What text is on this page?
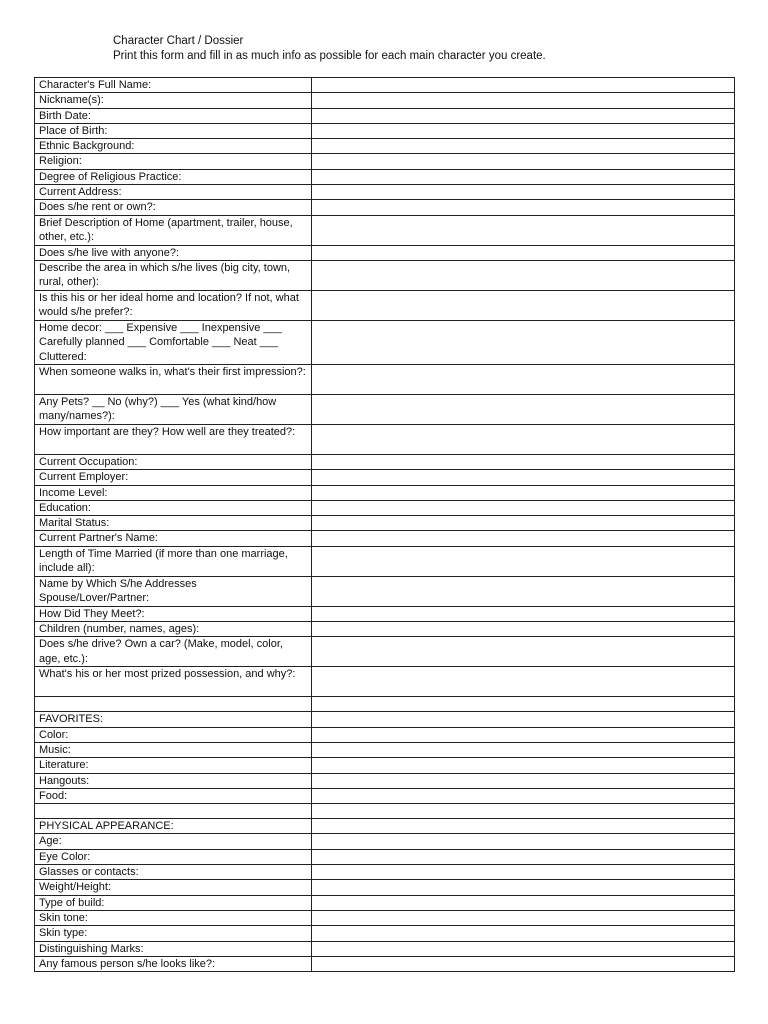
Character Chart / Dossier
Print this form and fill in as much info as possible for each main character you create.
Character's Full Name:	
Nickname(s):	
Birth Date:	
Place of Birth:	
Ethnic Background:	
Religion:	
Degree of Religious Practice:	
Current Address:	
Does s/he rent or own?:	
Brief Description of Home (apartment, trailer, house, other, etc.):	
Does s/he live with anyone?:	
Describe the area in which s/he lives (big city, town, rural, other):	
Is this his or her ideal home and location? If not, what would s/he prefer?:	
Home decor: ___ Expensive ___ Inexpensive ___ Carefully planned ___ Comfortable ___ Neat ___ Cluttered:	
When someone walks in, what's their first impression?:	
Any Pets? __ No (why?) ___ Yes (what kind/how many/names?):	
How important are they? How well are they treated?:	
Current Occupation:	
Current Employer:	
Income Level:	
Education:	
Marital Status:	
Current Partner's Name:	
Length of Time Married (if more than one marriage, include all):	
Name by Which S/he Addresses Spouse/Lover/Partner:	
How Did They Meet?:	
Children (number, names, ages):	
Does s/he drive? Own a car? (Make, model, color, age, etc.):	
What's his or her most prized possession, and why?:	

FAVORITES:	
Color:	
Music:	
Literature:	
Hangouts:	
Food:	

PHYSICAL APPEARANCE:	
Age:	
Eye Color:	
Glasses or contacts:	
Weight/Height:	
Type of build:	
Skin tone:	
Skin type:	
Distinguishing Marks:	
Any famous person s/he looks like?:	
